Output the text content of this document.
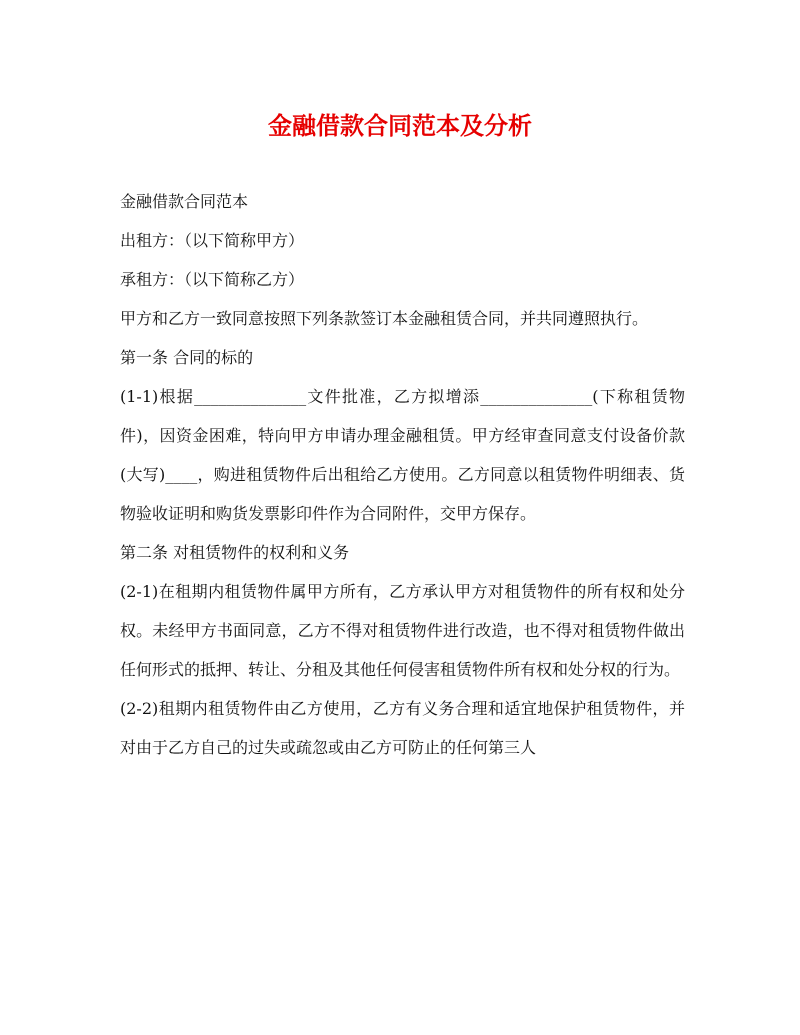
金融借款合同范本及分析

金融借款合同范本

出租方：（以下简称甲方）

承租方：（以下简称乙方）

甲方和乙方一致同意按照下列条款签订本金融租赁合同，并共同遵照执行。

第一条 合同的标的

(1-1)根据______________文件批准，乙方拟增添______________(下称租赁物件)，因资金困难，特向甲方申请办理金融租赁。甲方经审查同意支付设备价款(大写)____，购进租赁物件后出租给乙方使用。乙方同意以租赁物件明细表、货物验收证明和购货发票影印件作为合同附件，交甲方保存。

第二条 对租赁物件的权利和义务

(2-1)在租期内租赁物件属甲方所有，乙方承认甲方对租赁物件的所有权和处分权。未经甲方书面同意，乙方不得对租赁物件进行改造，也不得对租赁物件做出任何形式的抵押、转让、分租及其他任何侵害租赁物件所有权和处分权的行为。

(2-2)租期内租赁物件由乙方使用，乙方有义务合理和适宜地保护租赁物件，并对由于乙方自己的过失或疏忽或由乙方可防止的任何第三人
